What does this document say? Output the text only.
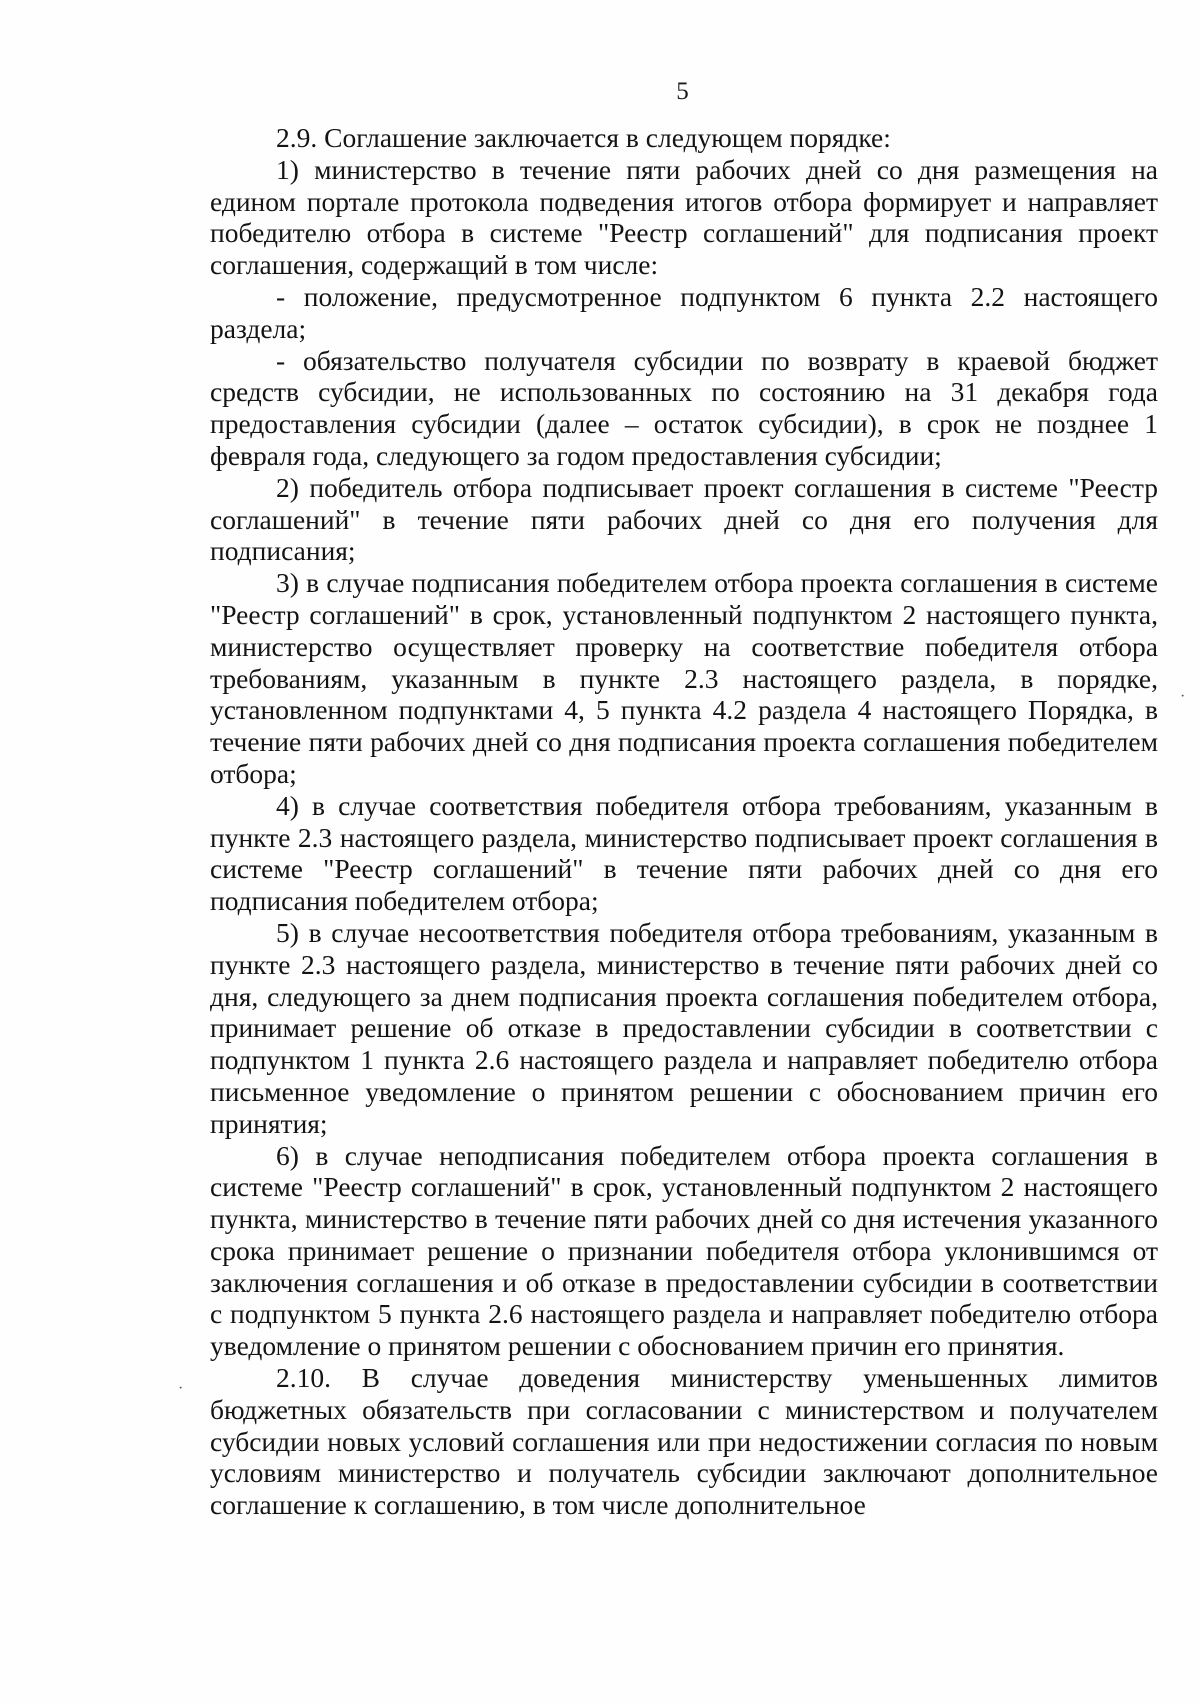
5

2.9. Соглашение заключается в следующем порядке:

1) министерство в течение пяти рабочих дней со дня размещения на едином портале протокола подведения итогов отбора формирует и направляет победителю отбора в системе "Реестр соглашений" для подписания проект соглашения, содержащий в том числе:

- положение, предусмотренное подпунктом 6 пункта 2.2 настоящего раздела;

- обязательство получателя субсидии по возврату в краевой бюджет средств субсидии, не использованных по состоянию на 31 декабря года предоставления субсидии (далее – остаток субсидии), в срок не позднее 1 февраля года, следующего за годом предоставления субсидии;

2) победитель отбора подписывает проект соглашения в системе "Реестр соглашений" в течение пяти рабочих дней со дня его получения для подписания;

3) в случае подписания победителем отбора проекта соглашения в системе "Реестр соглашений" в срок, установленный подпунктом 2 настоящего пункта, министерство осуществляет проверку на соответствие победителя отбора требованиям, указанным в пункте 2.3 настоящего раздела, в порядке, установленном подпунктами 4, 5 пункта 4.2 раздела 4 настоящего Порядка, в течение пяти рабочих дней со дня подписания проекта соглашения победителем отбора;

4) в случае соответствия победителя отбора требованиям, указанным в пункте 2.3 настоящего раздела, министерство подписывает проект соглашения в системе "Реестр соглашений" в течение пяти рабочих дней со дня его подписания победителем отбора;

5) в случае несоответствия победителя отбора требованиям, указанным в пункте 2.3 настоящего раздела, министерство в течение пяти рабочих дней со дня, следующего за днем подписания проекта соглашения победителем отбора, принимает решение об отказе в предоставлении субсидии в соответствии с подпунктом 1 пункта 2.6 настоящего раздела и направляет победителю отбора письменное уведомление о принятом решении с обоснованием причин его принятия;

6) в случае неподписания победителем отбора проекта соглашения в системе "Реестр соглашений" в срок, установленный подпунктом 2 настоящего пункта, министерство в течение пяти рабочих дней со дня истечения указанного срока принимает решение о признании победителя отбора уклонившимся от заключения соглашения и об отказе в предоставлении субсидии в соответствии с подпунктом 5 пункта 2.6 настоящего раздела и направляет победителю отбора уведомление о принятом решении с обоснованием причин его принятия.

2.10. В случае доведения министерству уменьшенных лимитов бюджетных обязательств при согласовании с министерством и получателем субсидии новых условий соглашения или при недостижении согласия по новым условиям министерство и получатель субсидии заключают дополнительное соглашение к соглашению, в том числе дополнительное

·
·
